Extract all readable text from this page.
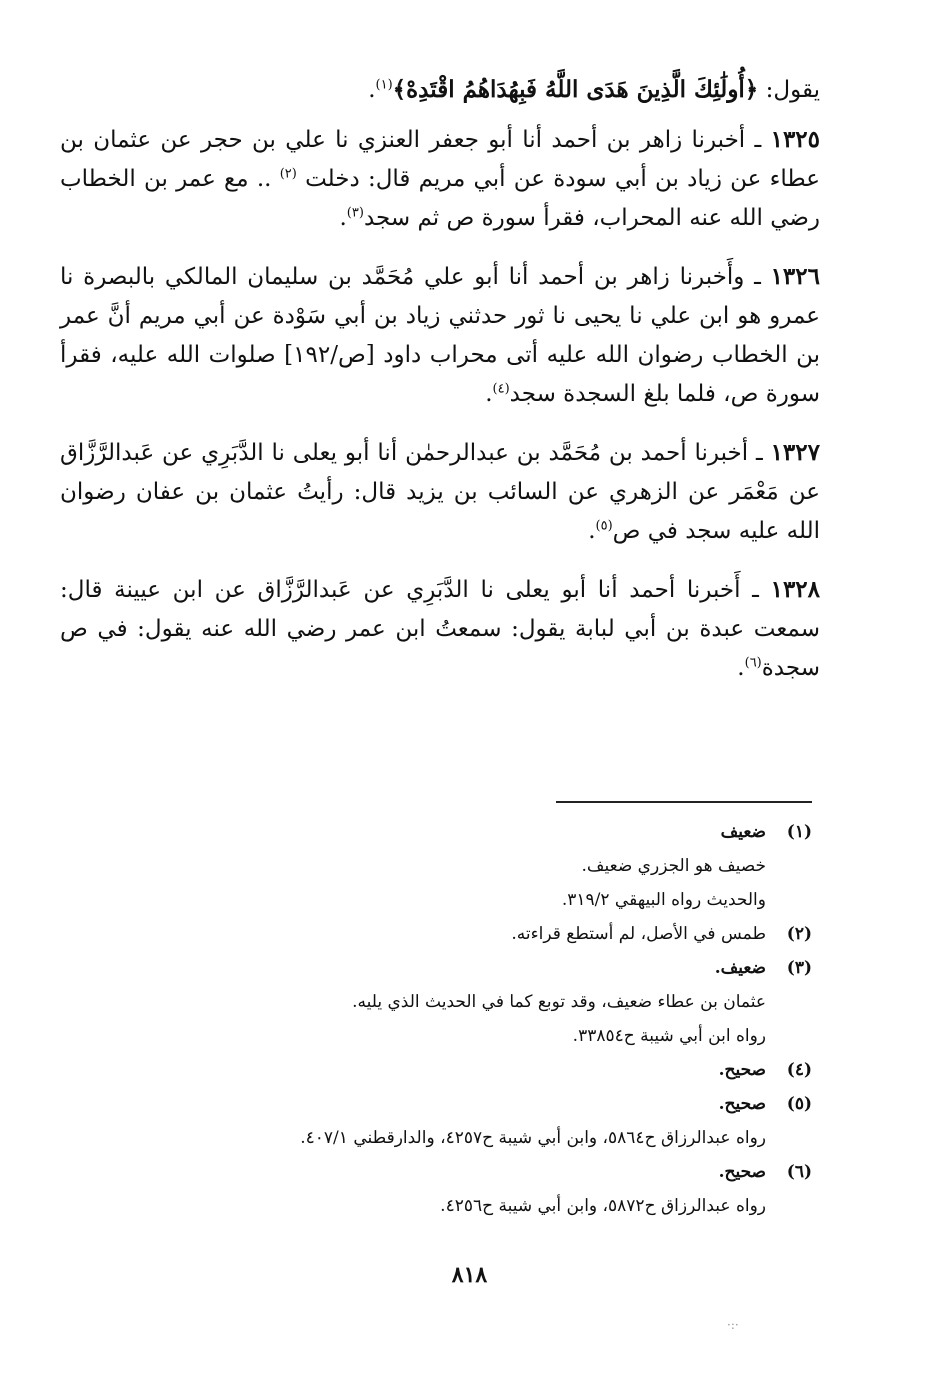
يقول: ﴿أُولَٰئِكَ الَّذِينَ هَدَى اللَّهُ فَبِهُدَاهُمُ اقْتَدِهْ﴾$^{(١)}$.

١٣٢٥ ـ أخبرنا زاهر بن أحمد أنا أبو جعفر العنزي نا علي بن حجر عن عثمان بن عطاء عن زياد بن أبي سودة عن أبي مريم قال: دخلت $^{(٢)}$ .. مع عمر بن الخطاب رضي الله عنه المحراب، فقرأ سورة ص ثم سجد$^{(٣)}$.

١٣٢٦ ـ وأَخبرنا زاهر بن أحمد أنا أبو علي مُحَمَّد بن سليمان المالكي بالبصرة نا عمرو هو ابن علي نا يحيى نا ثور حدثني زياد بن أبي سَوْدة عن أبي مريم أنَّ عمر بن الخطاب رضوان الله عليه أتى محراب داود [ص/١٩٢] صلوات الله عليه، فقرأ سورة ص، فلما بلغ السجدة سجد$^{(٤)}$.

١٣٢٧ ـ أخبرنا أحمد بن مُحَمَّد بن عبدالرحمٰن أنا أبو يعلى نا الدَّبَرِي عن عَبدالرَّزَّاق عن مَعْمَر عن الزهري عن السائب بن يزيد قال: رأيتُ عثمان بن عفان رضوان الله عليه سجد في ص$^{(٥)}$.

١٣٢٨ ـ أَخبرنا أحمد أنا أبو يعلى نا الدَّبَرِي عن عَبدالرَّزَّاق عن ابن عيينة قال: سمعت عبدة بن أبي لبابة يقول: سمعتُ ابن عمر رضي الله عنه يقول: في ص سجدة$^{(٦)}$.

(١)ضعيف
خصيف هو الجزري ضعيف.
والحديث رواه البيهقي ٣١٩/٢.
(٢)طمس في الأصل، لم أستطع قراءته.
(٣)ضعيف.
عثمان بن عطاء ضعيف، وقد توبع كما في الحديث الذي يليه.
رواه ابن أبي شيبة ح٣٣٨٥٤.
(٤)صحيح.
(٥)صحيح.
رواه عبدالرزاق ح٥٨٦٤، وابن أبي شيبة ح٤٢٥٧، والدارقطني ٤٠٧/١.
(٦)صحيح.
رواه عبدالرزاق ح٥٨٧٢، وابن أبي شيبة ح٤٢٥٦.
٨١٨
·:·
